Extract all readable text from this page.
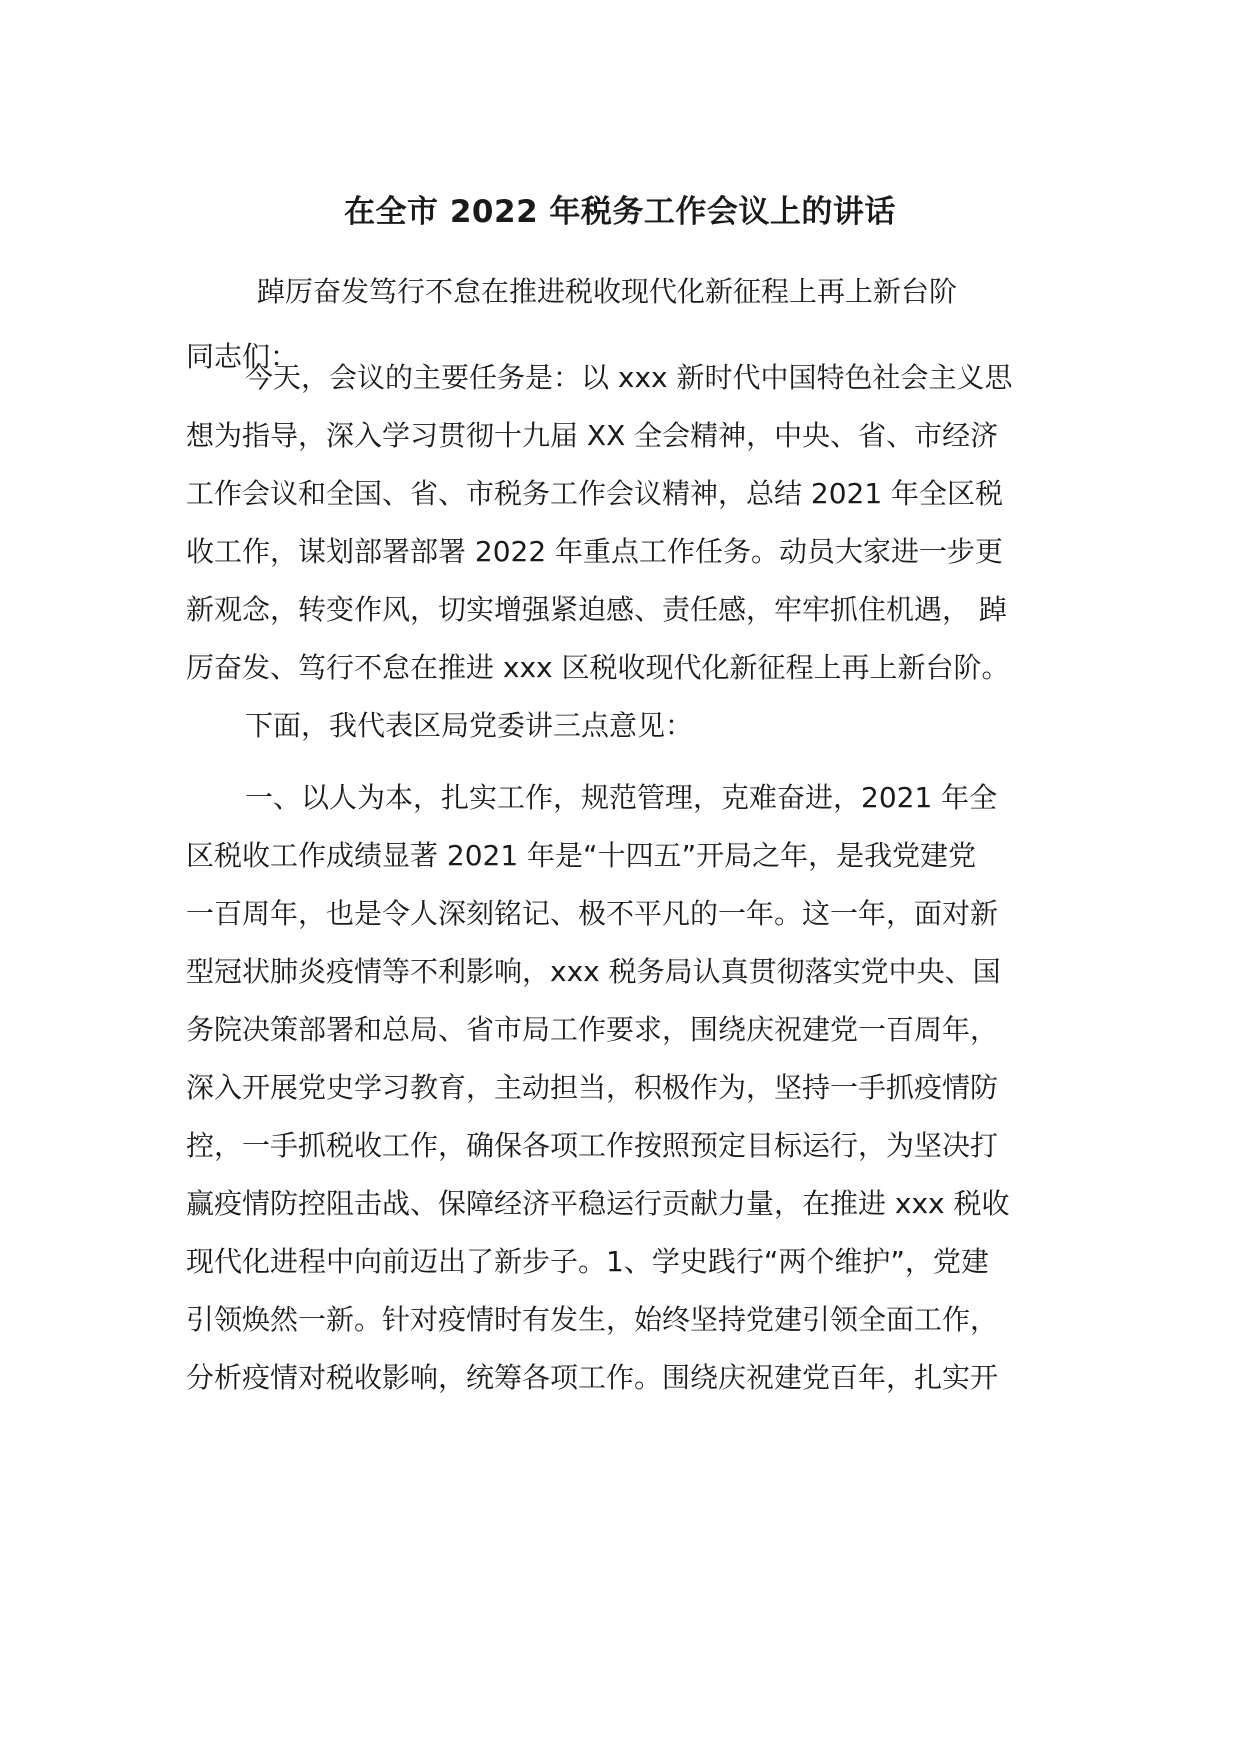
在全市 2022 年税务工作会议上的讲话
踔厉奋发笃行不怠在推进税收现代化新征程上再上新台阶
同志们：
今天，会议的主要任务是：以 xxx 新时代中国特色社会主义思
想为指导，深入学习贯彻十九届 XX 全会精神，中央、省、市经济
工作会议和全国、省、市税务工作会议精神，总结 2021 年全区税
收工作，谋划部署部署 2022 年重点工作任务。动员大家进一步更
新观念，转变作风，切实增强紧迫感、责任感，牢牢抓住机遇， 踔
厉奋发、笃行不怠在推进 xxx 区税收现代化新征程上再上新台阶。
下面，我代表区局党委讲三点意见：
一、以人为本，扎实工作，规范管理，克难奋进，2021 年全
区税收工作成绩显著 2021 年是“十四五”开局之年，是我党建党
一百周年，也是令人深刻铭记、极不平凡的一年。这一年，面对新
型冠状肺炎疫情等不利影响，xxx 税务局认真贯彻落实党中央、国
务院决策部署和总局、省市局工作要求，围绕庆祝建党一百周年，
深入开展党史学习教育，主动担当，积极作为，坚持一手抓疫情防
控，一手抓税收工作，确保各项工作按照预定目标运行，为坚决打
赢疫情防控阻击战、保障经济平稳运行贡献力量，在推进 xxx 税收
现代化进程中向前迈出了新步子。1、学史践行“两个维护”，党建
引领焕然一新。针对疫情时有发生，始终坚持党建引领全面工作，
分析疫情对税收影响，统筹各项工作。围绕庆祝建党百年，扎实开
